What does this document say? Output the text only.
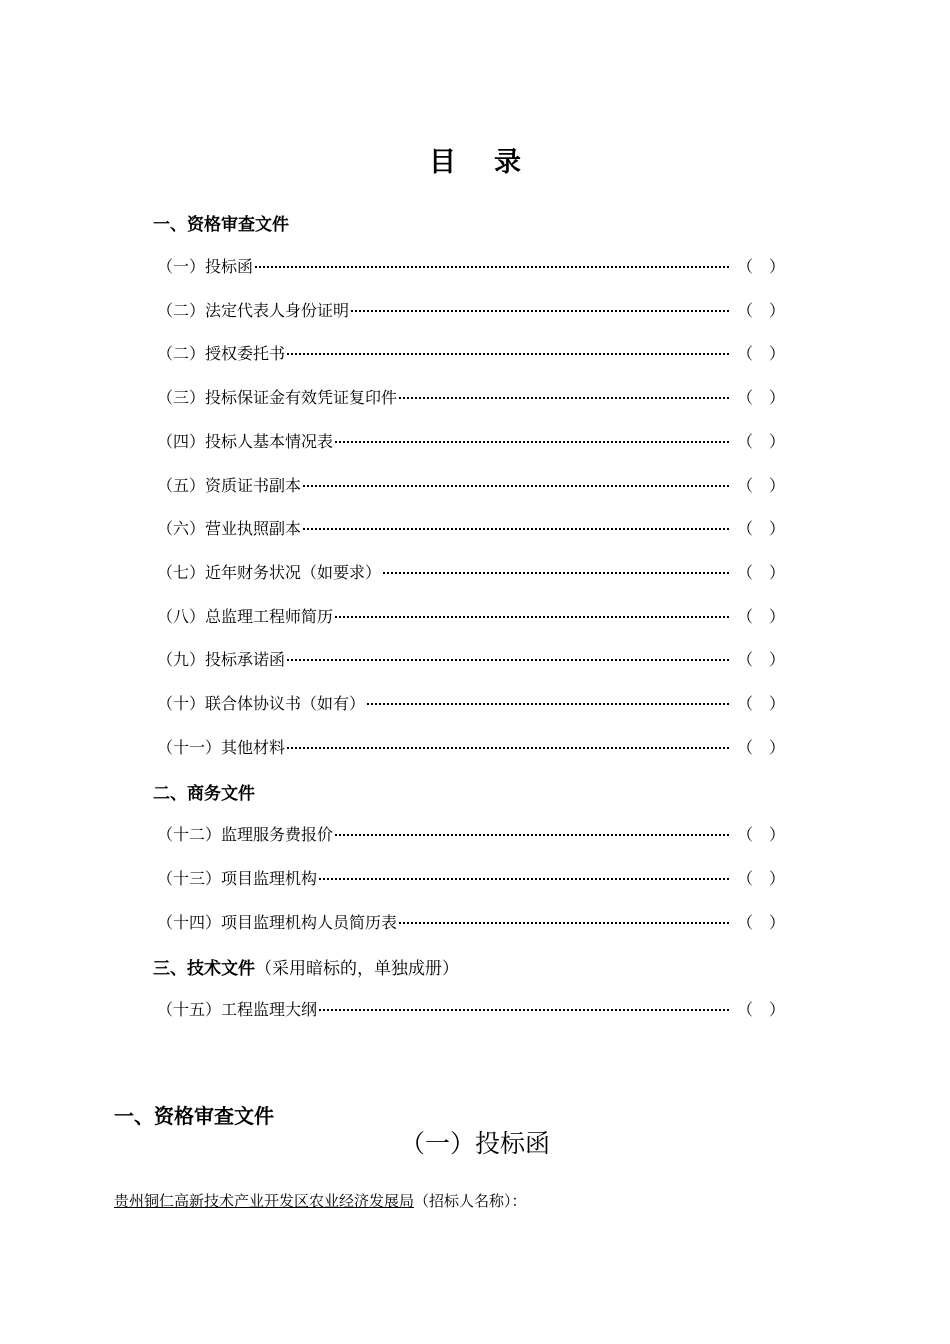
目 录
一、资格审查文件
（一）投标函	（ ）
（二）法定代表人身份证明	（ ）
（二）授权委托书	（ ）
（三）投标保证金有效凭证复印件	（ ）
（四）投标人基本情况表	（ ）
（五）资质证书副本	（ ）
（六）营业执照副本	（ ）
（七）近年财务状况（如要求）	（ ）
（八）总监理工程师简历	（ ）
（九）投标承诺函	（ ）
（十）联合体协议书（如有）	（ ）
（十一）其他材料	（ ）
二、商务文件
（十二）监理服务费报价	（ ）
（十三）项目监理机构	（ ）
（十四）项目监理机构人员简历表	（ ）
三、技术文件（采用暗标的，单独成册）
（十五）工程监理大纲	（ ）
一、资格审查文件
（一）投标函
贵州铜仁高新技术产业开发区农业经济发展局（招标人名称）：
